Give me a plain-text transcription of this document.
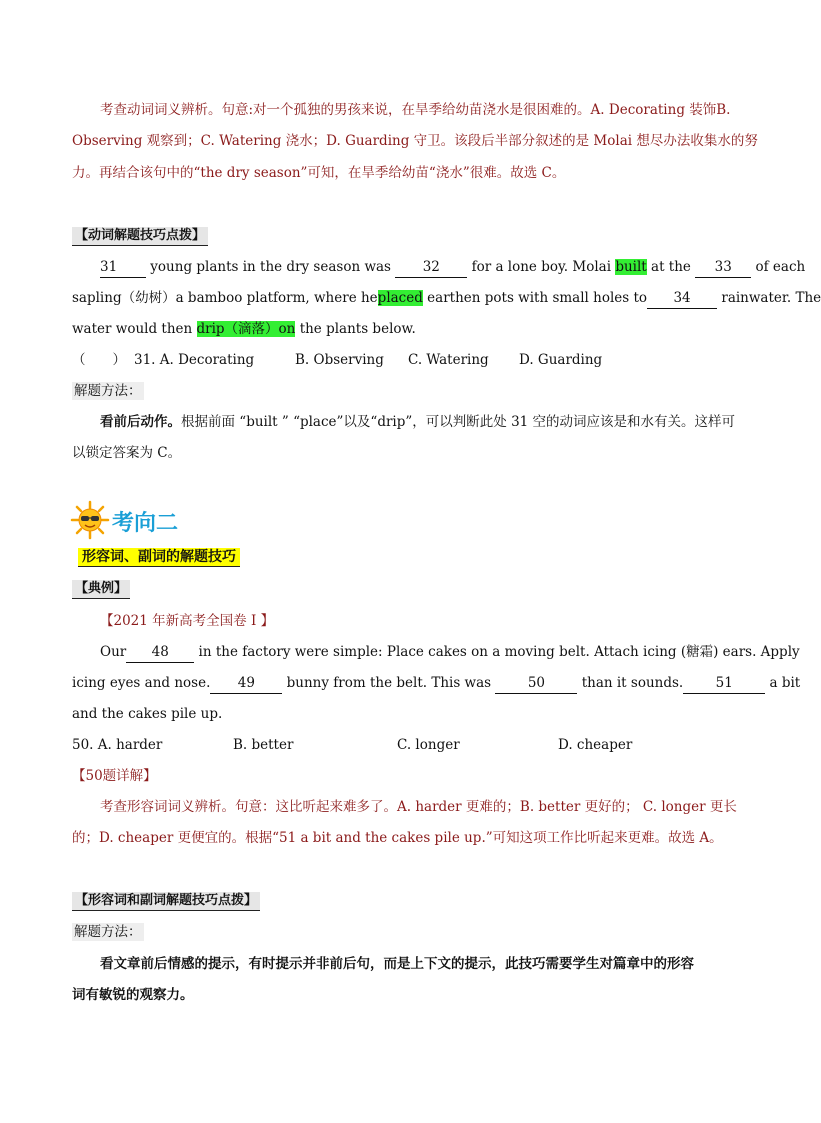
考查动词词义辨析。句意:对一个孤独的男孩来说，在旱季给幼苗浇水是很困难的。A. Decorating 装饰B.
Observing 观察到；C. Watering 浇水；D. Guarding 守卫。该段后半部分叙述的是 Molai 想尽办法收集水的努
力。再结合该句中的“the dry season”可知，在旱季给幼苗“浇水”很难。故选 C。
【动词解题技巧点拨】
31 young plants in the dry season was 32 for a lone boy. Molai built at the 33 of each
sapling（幼树）a bamboo platform, where heplaced earthen pots with small holes to 34 rainwater. The
water would then drip（滴落）on the plants below.
（　　） 31. A. Decorating	B. Observing C. Watering D. Guarding
解题方法：
看前后动作。根据前面 “built ” “place”以及“drip”，可以判断此处 31 空的动词应该是和水有关。这样可
以锁定答案为 C。
考向二
形容词、副词的解题技巧
【典例】
【2021 年新高考全国卷 I 】
Our 48 in the factory were simple: Place cakes on a moving belt. Attach icing (糖霜) ears. Apply
icing eyes and nose. 49 bunny from the belt. This was	50	than it sounds. 51	a bit
and the cakes pile up.
50. A. harder	B. better	C. longer	D. cheaper
【50题详解】
考查形容词词义辨析。句意：这比听起来难多了。A. harder 更难的；B. better 更好的； C. longer 更长
的；D. cheaper 更便宜的。根据“51 a bit and the cakes pile up.”可知这项工作比听起来更难。故选 A。
【形容词和副词解题技巧点拨】
解题方法：
看文章前后情感的提示，有时提示并非前后句，而是上下文的提示，此技巧需要学生对篇章中的形容
词有敏锐的观察力。
